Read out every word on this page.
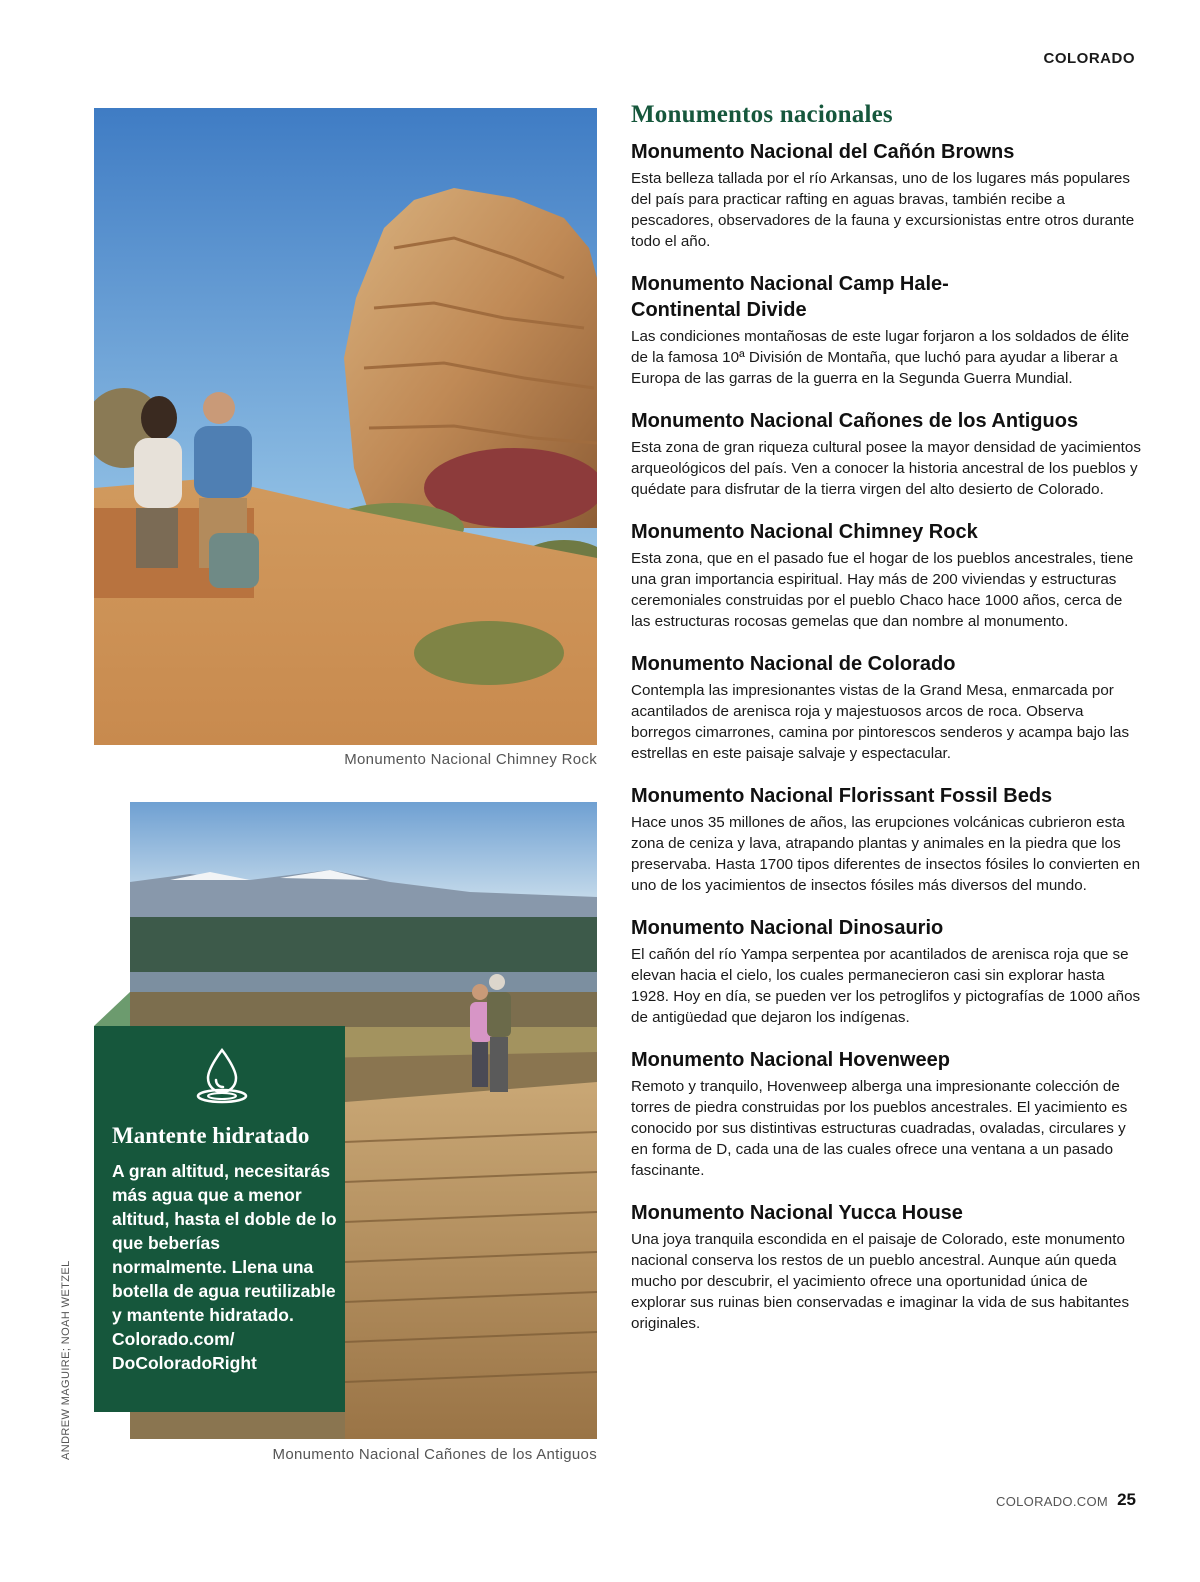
COLORADO
Monumento Nacional Chimney Rock
Monumento Nacional Cañones de los Antiguos
Mantente hidratado
A gran altitud, necesitarás más agua que a menor altitud, hasta el doble de lo que beberías normalmente. Llena una botella de agua reutilizable y mantente hidratado. Colorado.com/ DoColoradoRight
ANDREW MAGUIRE; NOAH WETZEL
Monumentos nacionales
Monumento Nacional del Cañón Browns
Esta belleza tallada por el río Arkansas, uno de los lugares más populares del país para practicar rafting en aguas bravas, también recibe a pescadores, observadores de la fauna y excursionistas entre otros durante todo el año.
Monumento Nacional Camp Hale-Continental Divide
Las condiciones montañosas de este lugar forjaron a los soldados de élite de la famosa 10ª División de Montaña, que luchó para ayudar a liberar a Europa de las garras de la guerra en la Segunda Guerra Mundial.
Monumento Nacional Cañones de los Antiguos
Esta zona de gran riqueza cultural posee la mayor densidad de yacimientos arqueológicos del país. Ven a conocer la historia ancestral de los pueblos y quédate para disfrutar de la tierra virgen del alto desierto de Colorado.
Monumento Nacional Chimney Rock
Esta zona, que en el pasado fue el hogar de los pueblos ancestrales, tiene una gran importancia espiritual. Hay más de 200 viviendas y estructuras ceremoniales construidas por el pueblo Chaco hace 1000 años, cerca de las estructuras rocosas gemelas que dan nombre al monumento.
Monumento Nacional de Colorado
Contempla las impresionantes vistas de la Grand Mesa, enmarcada por acantilados de arenisca roja y majestuosos arcos de roca. Observa borregos cimarrones, camina por pintorescos senderos y acampa bajo las estrellas en este paisaje salvaje y espectacular.
Monumento Nacional Florissant Fossil Beds
Hace unos 35 millones de años, las erupciones volcánicas cubrieron esta zona de ceniza y lava, atrapando plantas y animales en la piedra que los preservaba. Hasta 1700 tipos diferentes de insectos fósiles lo convierten en uno de los yacimientos de insectos fósiles más diversos del mundo.
Monumento Nacional Dinosaurio
El cañón del río Yampa serpentea por acantilados de arenisca roja que se elevan hacia el cielo, los cuales permanecieron casi sin explorar hasta 1928. Hoy en día, se pueden ver los petroglifos y pictografías de 1000 años de antigüedad que dejaron los indígenas.
Monumento Nacional Hovenweep
Remoto y tranquilo, Hovenweep alberga una impresionante colección de torres de piedra construidas por los pueblos ancestrales. El yacimiento es conocido por sus distintivas estructuras cuadradas, ovaladas, circulares y en forma de D, cada una de las cuales ofrece una ventana a un pasado fascinante.
Monumento Nacional Yucca House
Una joya tranquila escondida en el paisaje de Colorado, este monumento nacional conserva los restos de un pueblo ancestral. Aunque aún queda mucho por descubrir, el yacimiento ofrece una oportunidad única de explorar sus ruinas bien conservadas e imaginar la vida de sus habitantes originales.
COLORADO.COM 25
